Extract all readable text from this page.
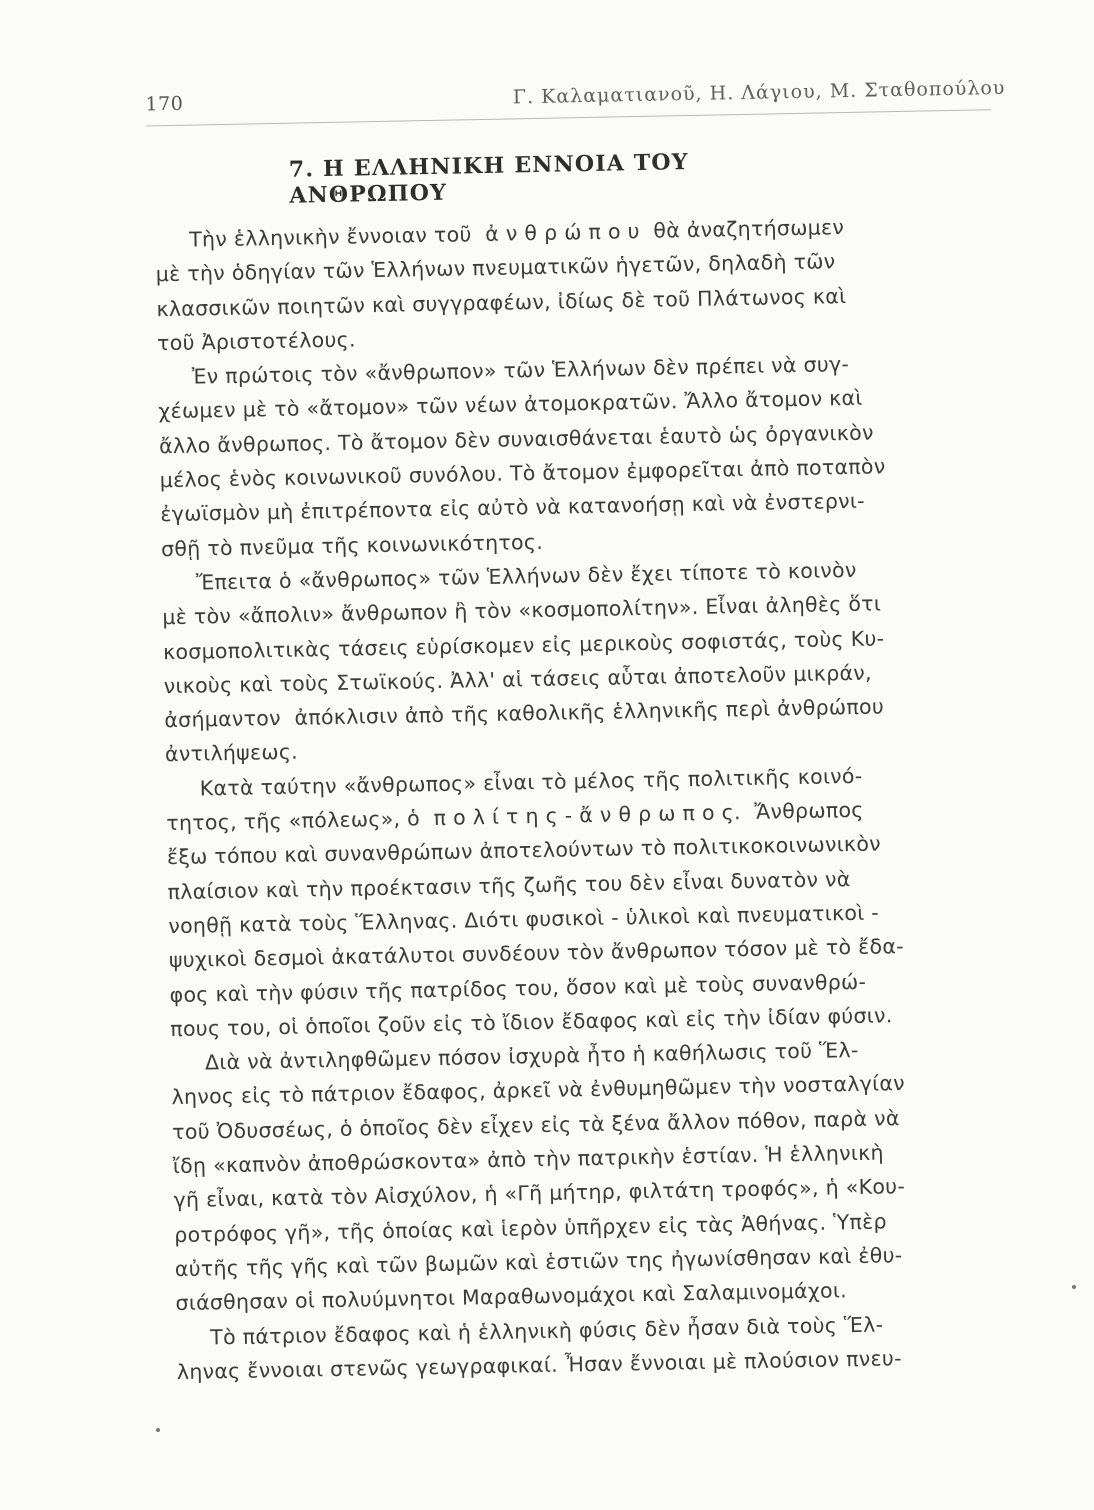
170	Γ. Καλαματιανοῦ, Η. Λάγιου, Μ. Σταθοπούλου
7. Η ΕΛΛΗΝΙΚΗ ΕΝΝΟΙΑ ΤΟΥ ΑΝΘΡΩΠΟΥ
Τὴν ἑλληνικὴν ἔννοιαν τοῦ  ἀ ν θ ρ ώ π ο υ  θὰ ἀναζητήσωμεν
μὲ τὴν ὁδηγίαν τῶν Ἑλλήνων πνευματικῶν ἡγετῶν, δηλαδὴ τῶν
κλασσικῶν ποιητῶν καὶ συγγραφέων, ἰδίως δὲ τοῦ Πλάτωνος καὶ
τοῦ Ἀριστοτέλους.
Ἐν πρώτοις τὸν «ἄνθρωπον» τῶν Ἑλλήνων δὲν πρέπει νὰ συγ-
χέωμεν μὲ τὸ «ἄτομον» τῶν νέων ἀτομοκρατῶν. Ἄλλο ἄτομον καὶ
ἄλλο ἄνθρωπος. Τὸ ἄτομον δὲν συναισθάνεται ἑαυτὸ ὡς ὀργανικὸν
μέλος ἑνὸς κοινωνικοῦ συνόλου. Τὸ ἄτομον ἐμφορεῖται ἀπὸ ποταπὸν
ἐγωϊσμὸν μὴ ἐπιτρέποντα εἰς αὐτὸ νὰ κατανοήσῃ καὶ νὰ ἐνστερνι-
σθῇ τὸ πνεῦμα τῆς κοινωνικότητος.
Ἔπειτα ὁ «ἄνθρωπος» τῶν Ἑλλήνων δὲν ἔχει τίποτε τὸ κοινὸν
μὲ τὸν «ἄπολιν» ἄνθρωπον ἢ τὸν «κοσμοπολίτην». Εἶναι ἀληθὲς ὅτι
κοσμοπολιτικὰς τάσεις εὑρίσκομεν εἰς μερικοὺς σοφιστάς, τοὺς Κυ-
νικοὺς καὶ τοὺς Στωϊκούς. Ἀλλ' αἱ τάσεις αὗται ἀποτελοῦν μικράν,
ἀσήμαντον  ἀπόκλισιν ἀπὸ τῆς καθολικῆς ἑλληνικῆς περὶ ἀνθρώπου
ἀντιλήψεως.
Κατὰ ταύτην «ἄνθρωπος» εἶναι τὸ μέλος τῆς πολιτικῆς κοινό-
τητος, τῆς «πόλεως», ὁ  π ο λ ί τ η ς - ἄ ν θ ρ ω π ο ς.  Ἄνθρωπος
ἔξω τόπου καὶ συνανθρώπων ἀποτελούντων τὸ πολιτικοκοινωνικὸν
πλαίσιον καὶ τὴν προέκτασιν τῆς ζωῆς του δὲν εἶναι δυνατὸν νὰ
νοηθῇ κατὰ τοὺς Ἕλληνας. Διότι φυσικοὶ - ὑλικοὶ καὶ πνευματικοὶ -
ψυχικοὶ δεσμοὶ ἀκατάλυτοι συνδέουν τὸν ἄνθρωπον τόσον μὲ τὸ ἔδα-
φος καὶ τὴν φύσιν τῆς πατρίδος του, ὅσον καὶ μὲ τοὺς συνανθρώ-
πους του, οἱ ὁποῖοι ζοῦν εἰς τὸ ἴδιον ἔδαφος καὶ εἰς τὴν ἰδίαν φύσιν.
Διὰ νὰ ἀντιληφθῶμεν πόσον ἰσχυρὰ ἦτο ἡ καθήλωσις τοῦ Ἕλ-
ληνος εἰς τὸ πάτριον ἔδαφος, ἀρκεῖ νὰ ἐνθυμηθῶμεν τὴν νοσταλγίαν
τοῦ Ὀδυσσέως, ὁ ὁποῖος δὲν εἶχεν εἰς τὰ ξένα ἄλλον πόθον, παρὰ νὰ
ἴδῃ «καπνὸν ἀποθρώσκοντα» ἀπὸ τὴν πατρικὴν ἑστίαν. Ἡ ἑλληνικὴ
γῆ εἶναι, κατὰ τὸν Αἰσχύλον, ἡ «Γῆ μήτηρ, φιλτάτη τροφός», ἡ «Κου-
ροτρόφος γῆ», τῆς ὁποίας καὶ ἱερὸν ὑπῆρχεν εἰς τὰς Ἀθήνας. Ὑπὲρ
αὐτῆς τῆς γῆς καὶ τῶν βωμῶν καὶ ἑστιῶν της ἠγωνίσθησαν καὶ ἐθυ-
σιάσθησαν οἱ πολυύμνητοι Μαραθωνομάχοι καὶ Σαλαμινομάχοι.
Τὸ πάτριον ἔδαφος καὶ ἡ ἑλληνικὴ φύσις δὲν ἦσαν διὰ τοὺς Ἕλ-
ληνας ἔννοιαι στενῶς γεωγραφικαί. Ἦσαν ἔννοιαι μὲ πλούσιον πνευ-
